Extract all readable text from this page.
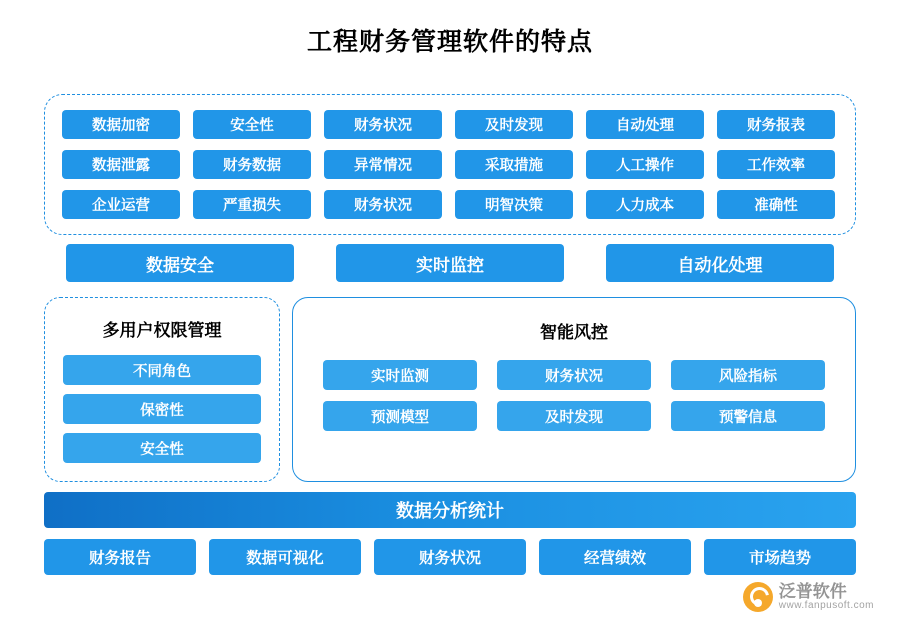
工程财务管理软件的特点
数据加密	安全性	财务状况	及时发现	自动处理	财务报表
数据泄露	财务数据	异常情况	采取措施	人工操作	工作效率
企业运营	严重损失	财务状况	明智决策	人力成本	准确性
数据安全	实时监控	自动化处理
多用户权限管理
不同角色
保密性
安全性
智能风控
实时监测	财务状况	风险指标
预测模型	及时发现	预警信息
数据分析统计
财务报告	数据可视化	财务状况	经营绩效	市场趋势
泛普软件
www.fanpusoft.com
